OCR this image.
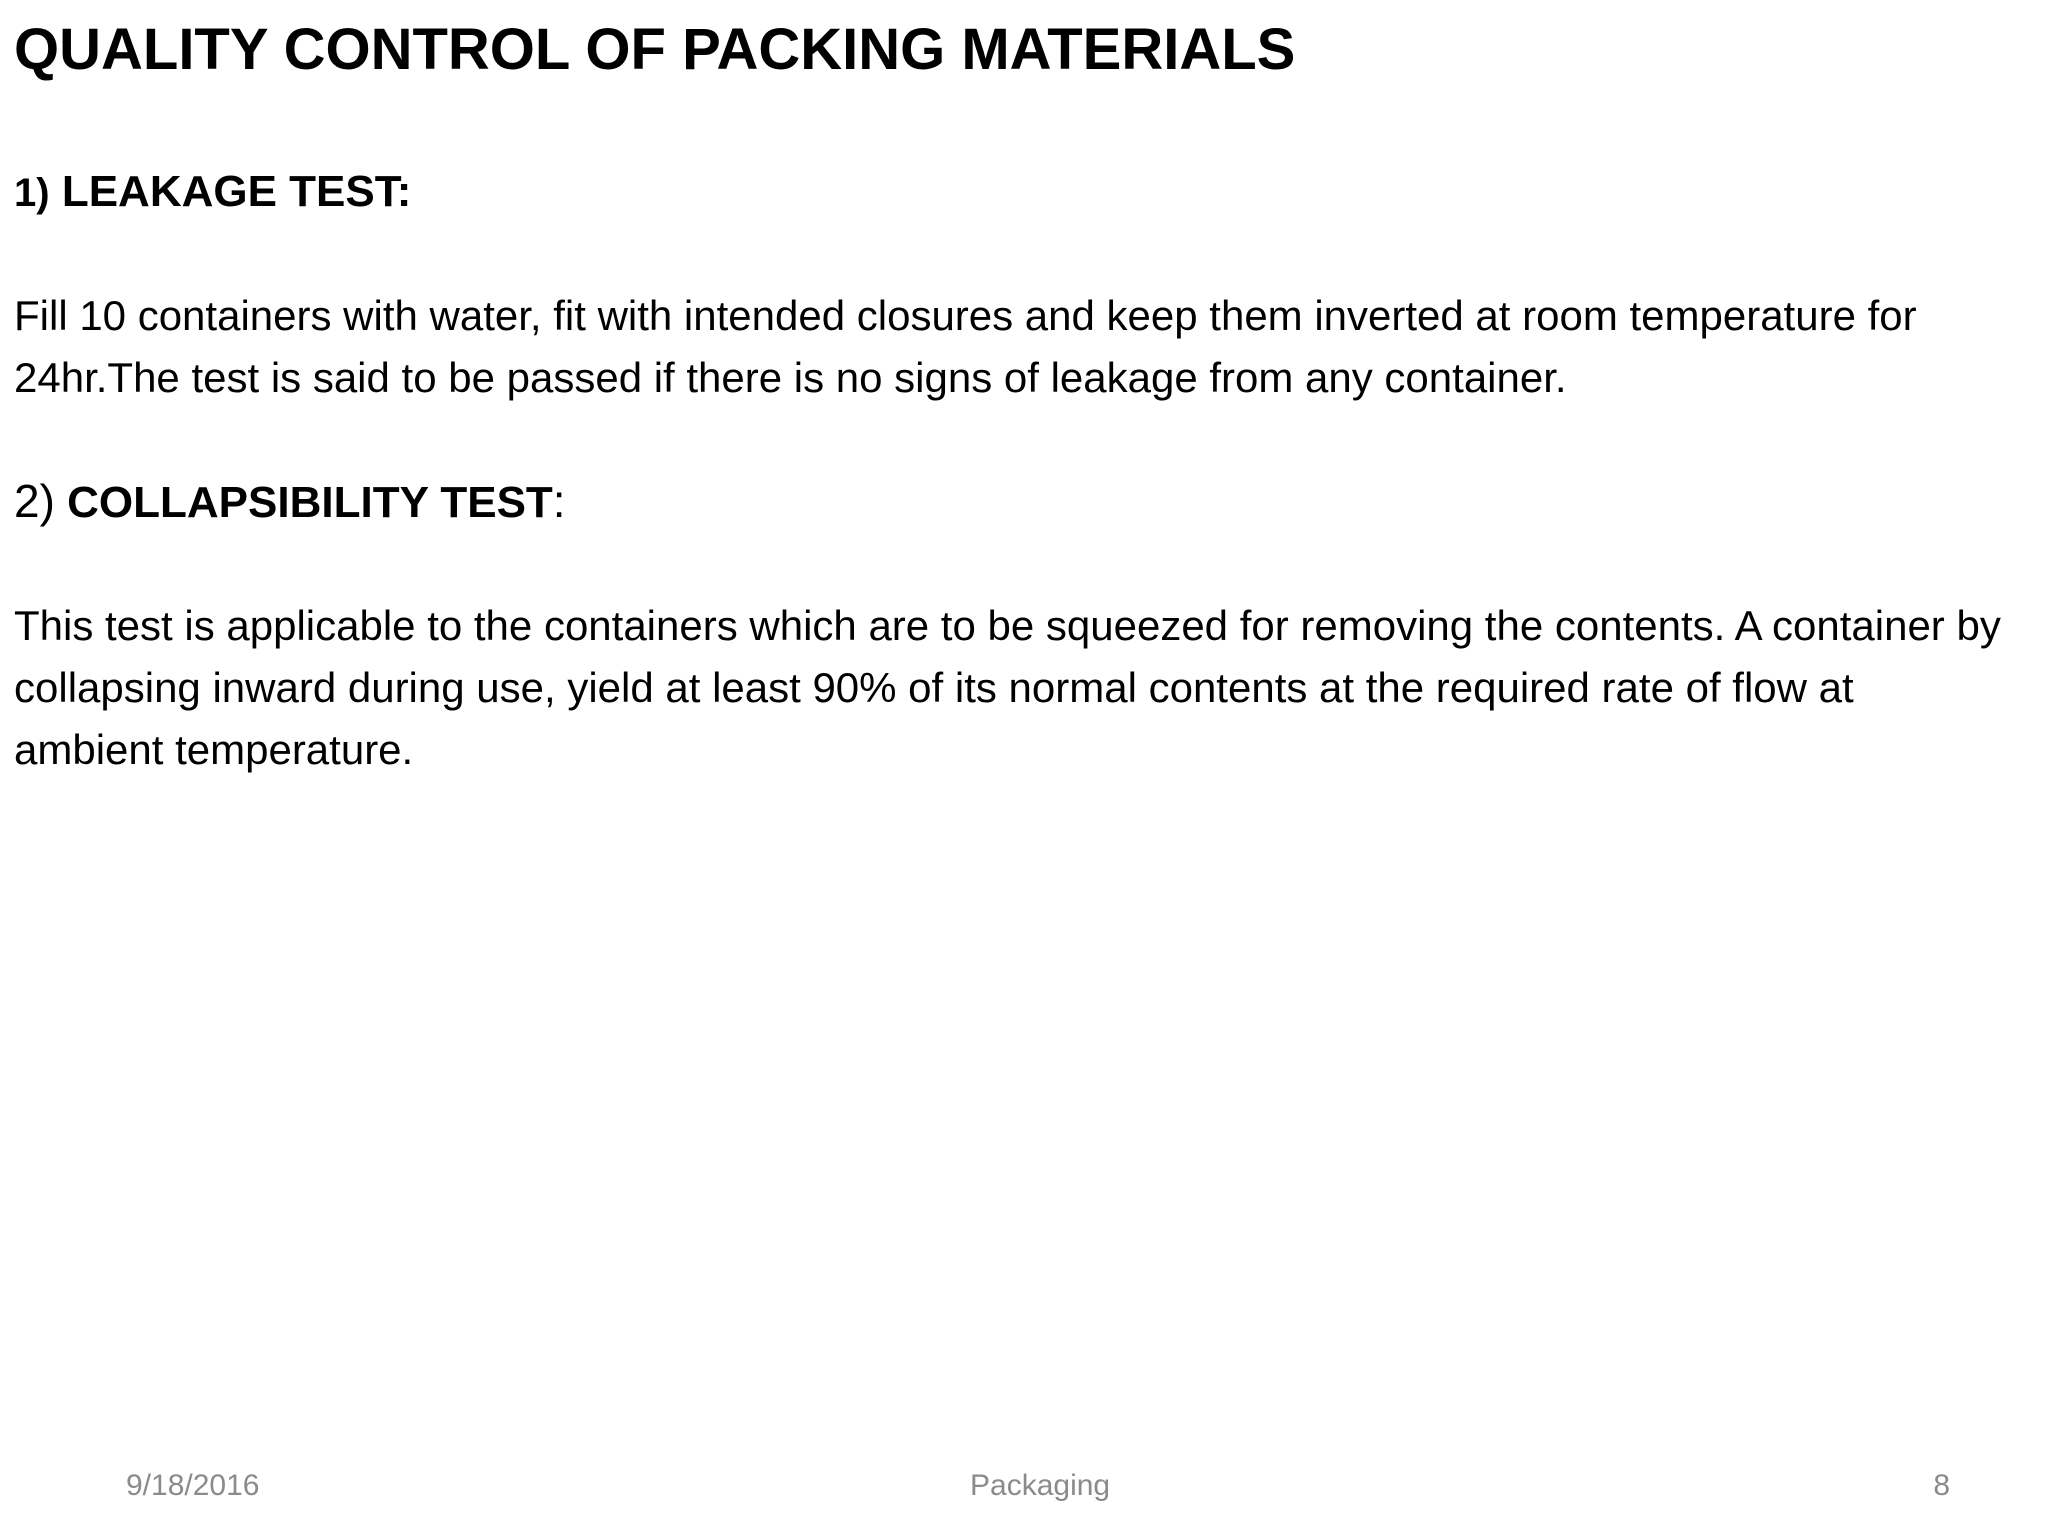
QUALITY CONTROL OF PACKING MATERIALS
1) LEAKAGE TEST:
Fill 10 containers with water, fit with intended closures and keep them inverted at room temperature for 24hr.The test is said to be passed if there is no signs of leakage from any container.
2) COLLAPSIBILITY TEST:
This test is applicable to the containers which are to be squeezed for removing the contents. A container by collapsing inward during use, yield at least 90% of its normal contents at the required rate of flow at ambient temperature.
9/18/2016	Packaging	8
